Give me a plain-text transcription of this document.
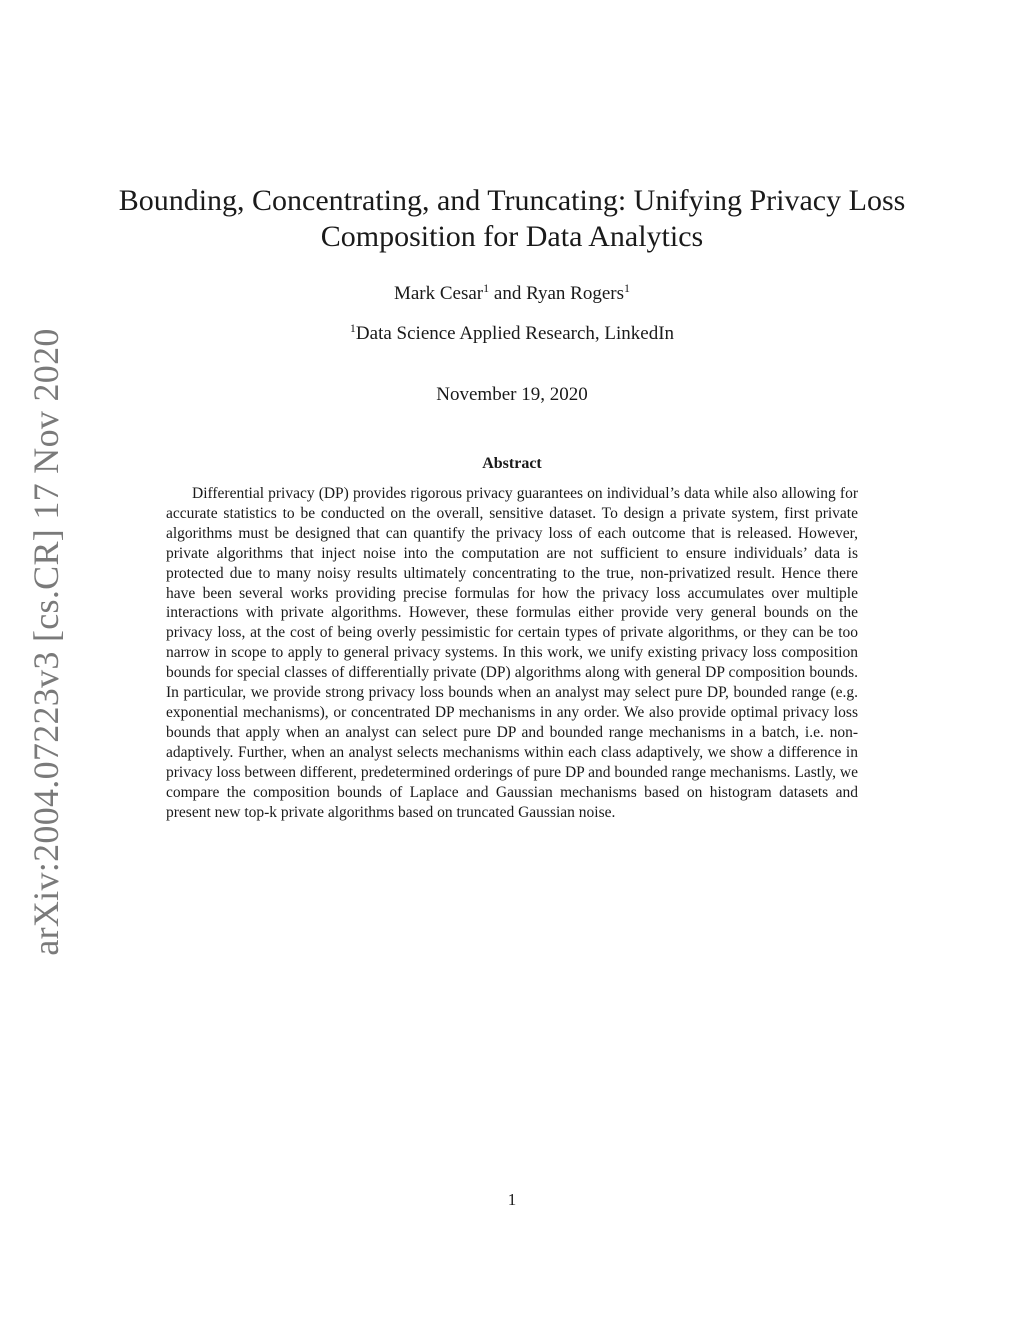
arXiv:2004.07223v3 [cs.CR] 17 Nov 2020
Bounding, Concentrating, and Truncating: Unifying Privacy Loss
Composition for Data Analytics
Mark Cesar$^1$ and Ryan Rogers$^1$
$^1$Data Science Applied Research, LinkedIn
November 19, 2020
Abstract

Differential privacy (DP) provides rigorous privacy guarantees on individual’s data while also allowing for accurate statistics to be conducted on the overall, sensitive dataset. To design a private system, first private algorithms must be designed that can quantify the privacy loss of each outcome that is released. However, private algorithms that inject noise into the computation are not sufficient to ensure individuals’ data is protected due to many noisy results ultimately concentrating to the true, non-privatized result. Hence there have been several works providing precise formulas for how the privacy loss accumulates over multiple interactions with private algorithms. However, these formulas either provide very general bounds on the privacy loss, at the cost of being overly pessimistic for certain types of private algorithms, or they can be too narrow in scope to apply to general privacy systems. In this work, we unify existing privacy loss composition bounds for special classes of differentially private (DP) algorithms along with general DP composition bounds. In particular, we provide strong privacy loss bounds when an analyst may select pure DP, bounded range (e.g. exponential mechanisms), or concentrated DP mechanisms in any order. We also provide optimal privacy loss bounds that apply when an analyst can select pure DP and bounded range mechanisms in a batch, i.e. non-adaptively. Further, when an analyst selects mechanisms within each class adaptively, we show a difference in privacy loss between different, predetermined orderings of pure DP and bounded range mechanisms. Lastly, we compare the composition bounds of Laplace and Gaussian mechanisms based on histogram datasets and present new top-k private algorithms based on truncated Gaussian noise.

1
